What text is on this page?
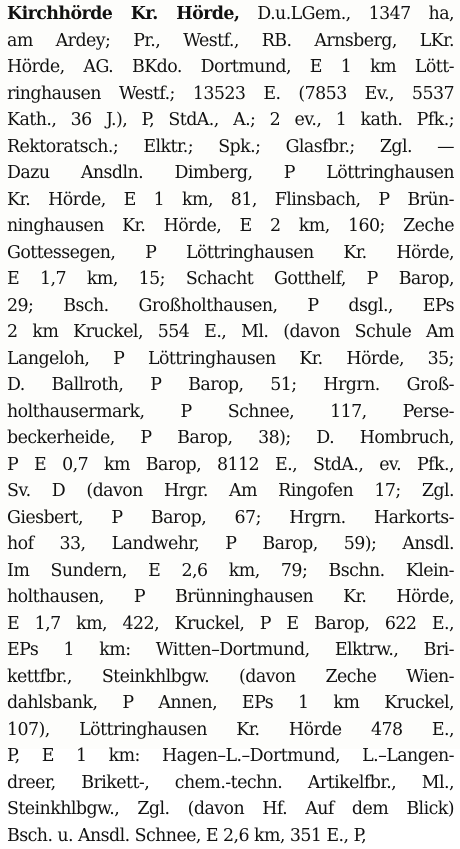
Kirchhörde Kr. Hörde, D.u.LGem., 1347 ha,
am Ardey; Pr., Westf., RB. Arnsberg, LKr.
Hörde, AG. BKdo. Dortmund, E 1 km Lött-
ringhausen Westf.; 13523 E. (7853 Ev., 5537
Kath., 36 J.), P, StdA., A.; 2 ev., 1 kath. Pfk.;
Rektoratsch.; Elktr.; Spk.; Glasfbr.; Zgl. —
Dazu Ansdln. Dimberg, P Löttringhausen
Kr. Hörde, E 1 km, 81, Flinsbach, P Brün-
ninghausen Kr. Hörde, E 2 km, 160; Zeche
Gottessegen, P Löttringhausen Kr. Hörde,
E 1,7 km, 15; Schacht Gotthelf, P Barop,
29; Bsch. Großholthausen, P dsgl., EPs
2 km Kruckel, 554 E., Ml. (davon Schule Am
Langeloh, P Löttringhausen Kr. Hörde, 35;
D. Ballroth, P Barop, 51; Hrgrn. Groß-
holthausermark, P Schnee, 117, Perse-
beckerheide, P Barop, 38); D. Hombruch,
P E 0,7 km Barop, 8112 E., StdA., ev. Pfk.,
Sv. D (davon Hrgr. Am Ringofen 17; Zgl.
Giesbert, P Barop, 67; Hrgrn. Harkorts-
hof 33, Landwehr, P Barop, 59); Ansdl.
Im Sundern, E 2,6 km, 79; Bschn. Klein-
holthausen, P Brünninghausen Kr. Hörde,
E 1,7 km, 422, Kruckel, P E Barop, 622 E.,
EPs 1 km: Witten–Dortmund, Elktrw., Bri-
kettfbr., Steinkhlbgw. (davon Zeche Wien-
dahlsbank, P Annen, EPs 1 km Kruckel,
107), Löttringhausen Kr. Hörde 478 E.,
P, E 1 km: Hagen–L.–Dortmund, L.–Langen-
dreer, Brikett-, chem.-techn. Artikelfbr., Ml.,
Steinkhlbgw., Zgl. (davon Hf. Auf dem Blick)
Bsch. u. Ansdl. Schnee, E 2,6 km, 351 E., P,
